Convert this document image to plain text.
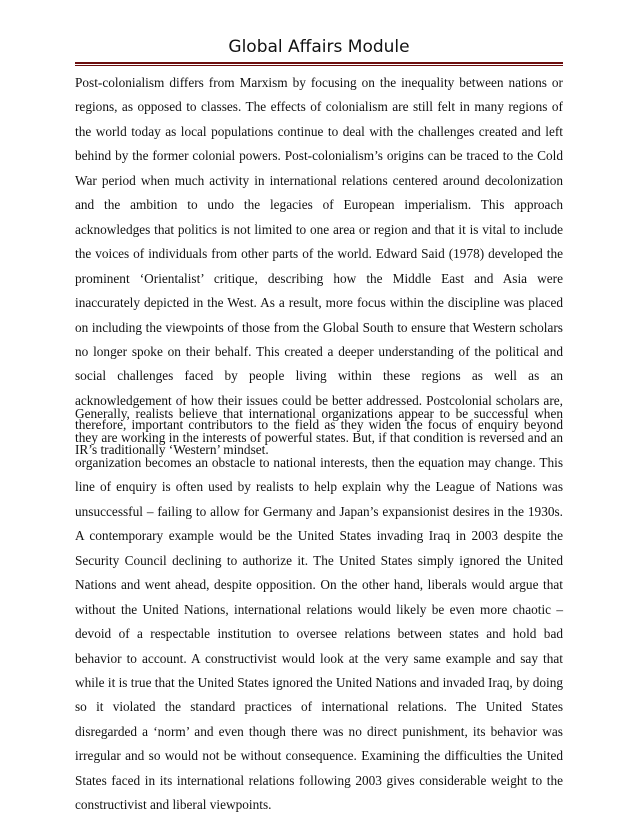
Global Affairs Module

Post-colonialism differs from Marxism by focusing on the inequality between nations or regions, as opposed to classes. The effects of colonialism are still felt in many regions of the world today as local populations continue to deal with the challenges created and left behind by the former colonial powers. Post-colonialism’s origins can be traced to the Cold War period when much activity in international relations centered around decolonization and the ambition to undo the legacies of European imperialism. This approach acknowledges that politics is not limited to one area or region and that it is vital to include the voices of individuals from other parts of the world. Edward Said (1978) developed the prominent ‘Orientalist’ critique, describing how the Middle East and Asia were inaccurately depicted in the West. As a result, more focus within the discipline was placed on including the viewpoints of those from the Global South to ensure that Western scholars no longer spoke on their behalf. This created a deeper understanding of the political and social challenges faced by people living within these regions as well as an acknowledgement of how their issues could be better addressed. Postcolonial scholars are, therefore, important contributors to the field as they widen the focus of enquiry beyond IR’s traditionally ‘Western’ mindset.

Generally, realists believe that international organizations appear to be successful when they are working in the interests of powerful states. But, if that condition is reversed and an organization becomes an obstacle to national interests, then the equation may change. This line of enquiry is often used by realists to help explain why the League of Nations was unsuccessful – failing to allow for Germany and Japan’s expansionist desires in the 1930s. A contemporary example would be the United States invading Iraq in 2003 despite the Security Council declining to authorize it. The United States simply ignored the United Nations and went ahead, despite opposition. On the other hand, liberals would argue that without the United Nations, international relations would likely be even more chaotic – devoid of a respectable institution to oversee relations between states and hold bad behavior to account. A constructivist would look at the very same example and say that while it is true that the United States ignored the United Nations and invaded Iraq, by doing so it violated the standard practices of international relations. The United States disregarded a ‘norm’ and even though there was no direct punishment, its behavior was irregular and so would not be without consequence. Examining the difficulties the United States faced in its international relations following 2003 gives considerable weight to the constructivist and liberal viewpoints.
